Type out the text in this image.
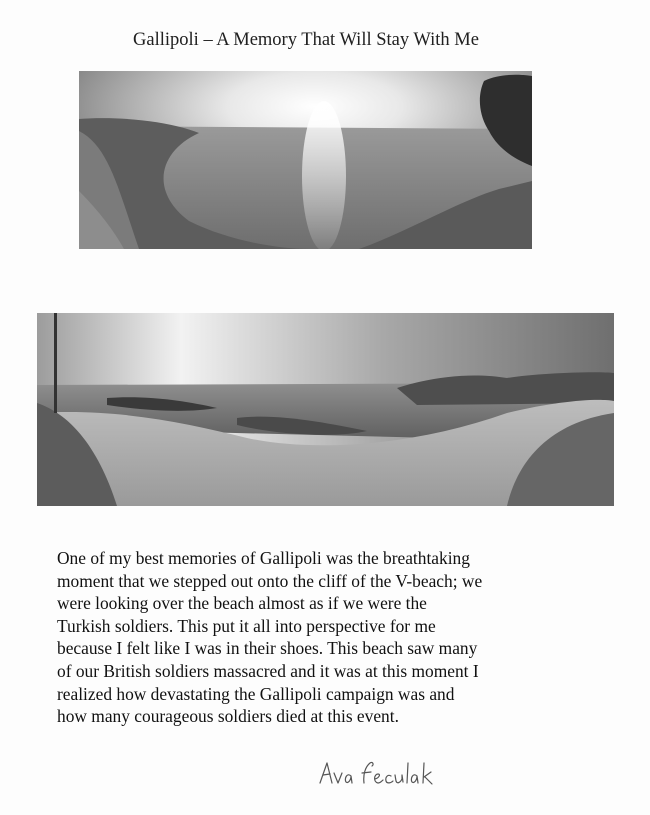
Gallipoli – A Memory That Will Stay With Me
One of my best memories of Gallipoli was the breathtaking
moment that we stepped out onto the cliff of the V-beach; we
were looking over the beach almost as if we were the
Turkish soldiers. This put it all into perspective for me
because I felt like I was in their shoes. This beach saw many
of our British soldiers massacred and it was at this moment I
realized how devastating the Gallipoli campaign was and
how many courageous soldiers died at this event.
